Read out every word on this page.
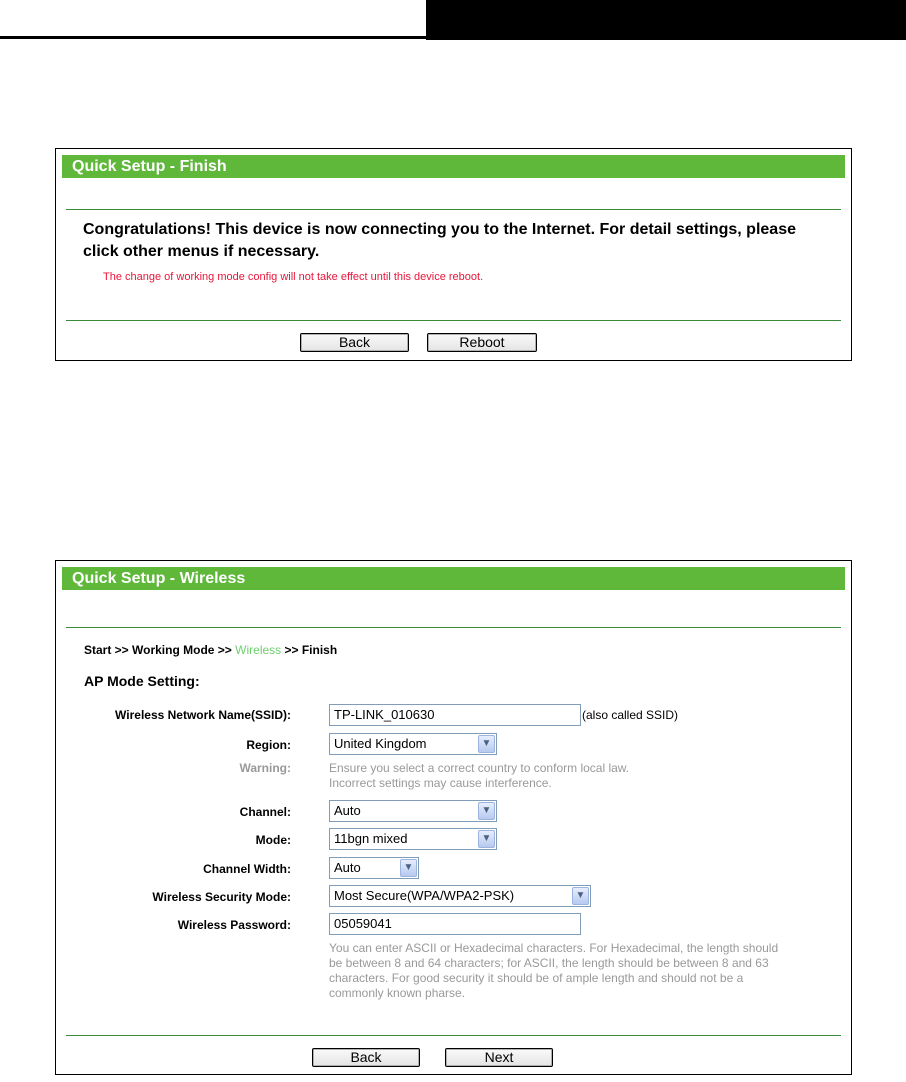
Quick Setup - Finish
Congratulations! This device is now connecting you to the Internet. For detail settings, please click other menus if necessary.
The change of working mode config will not take effect until this device reboot.
Back	Reboot
Quick Setup - Wireless
Start >> Working Mode >> Wireless >> Finish
AP Mode Setting:
Wireless Network Name(SSID):	TP-LINK_010630	(also called SSID)
Region:	United Kingdom	▼
Warning:	Ensure you select a correct country to conform local law.
Incorrect settings may cause interference.
Channel:	Auto	▼
Mode:	11bgn mixed	▼
Channel Width:	Auto	▼
Wireless Security Mode:	Most Secure(WPA/WPA2-PSK)	▼
Wireless Password:	05059041
You can enter ASCII or Hexadecimal characters. For Hexadecimal, the length should
be between 8 and 64 characters; for ASCII, the length should be between 8 and 63
characters. For good security it should be of ample length and should not be a
commonly known pharse.
Back	Next
